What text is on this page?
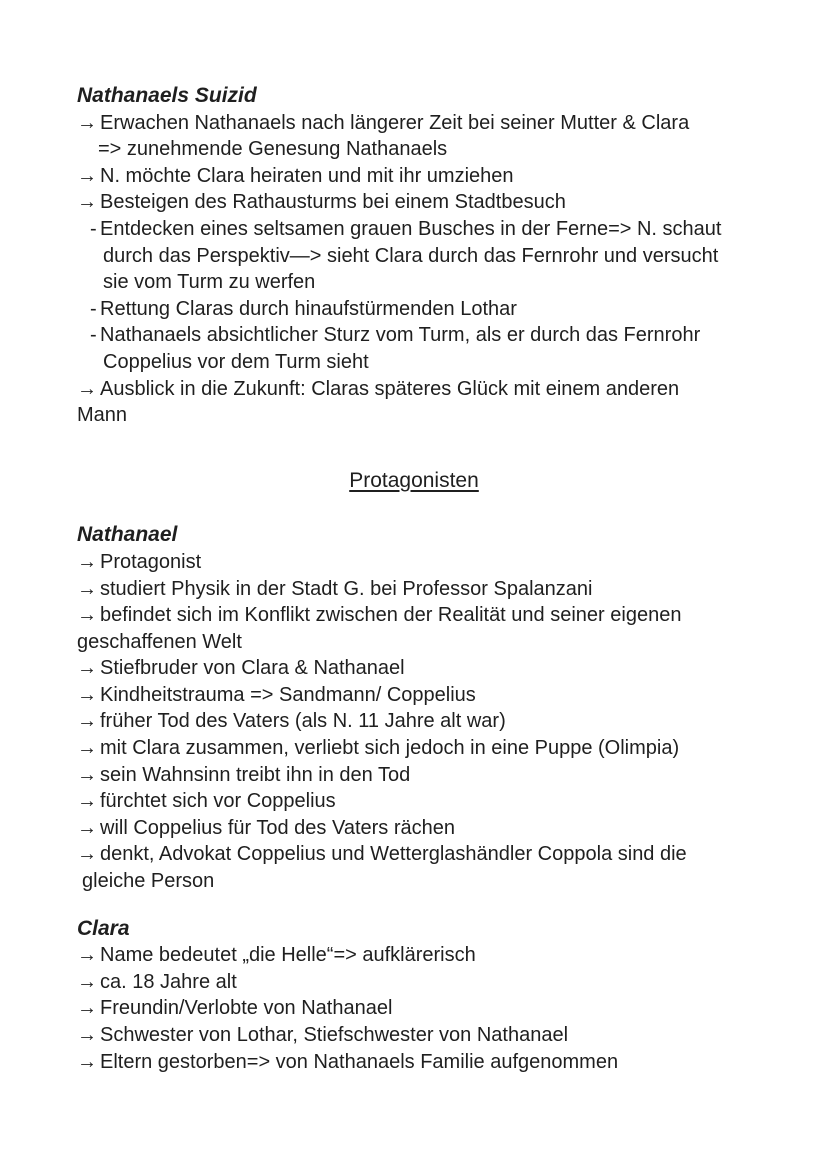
Nathanaels Suizid
→ Erwachen Nathanaels nach längerer Zeit bei seiner Mutter & Clara
=> zunehmende Genesung Nathanaels
→ N. möchte Clara heiraten und mit ihr umziehen
→ Besteigen des Rathausturms bei einem Stadtbesuch
- Entdecken eines seltsamen grauen Busches in der Ferne=> N. schaut
durch das Perspektiv—> sieht Clara durch das Fernrohr und versucht
sie vom Turm zu werfen
- Rettung Claras durch hinaufstürmenden Lothar
- Nathanaels absichtlicher Sturz vom Turm, als er durch das Fernrohr
Coppelius vor dem Turm sieht
→ Ausblick in die Zukunft: Claras späteres Glück mit einem anderen
Mann
Protagonisten
Nathanael
→ Protagonist
→ studiert Physik in der Stadt G. bei Professor Spalanzani
→ befindet sich im Konflikt zwischen der Realität und seiner eigenen
geschaffenen Welt
→ Stiefbruder von Clara & Nathanael
→ Kindheitstrauma => Sandmann/ Coppelius
→ früher Tod des Vaters (als N. 11 Jahre alt war)
→ mit Clara zusammen, verliebt sich jedoch in eine Puppe (Olimpia)
→ sein Wahnsinn treibt ihn in den Tod
→ fürchtet sich vor Coppelius
→ will Coppelius für Tod des Vaters rächen
→ denkt, Advokat Coppelius und Wetterglashändler Coppola sind die
gleiche Person
Clara
→ Name bedeutet „die Helle“=> aufklärerisch
→ ca. 18 Jahre alt
→ Freundin/Verlobte von Nathanael
→ Schwester von Lothar, Stiefschwester von Nathanael
→ Eltern gestorben=> von Nathanaels Familie aufgenommen
